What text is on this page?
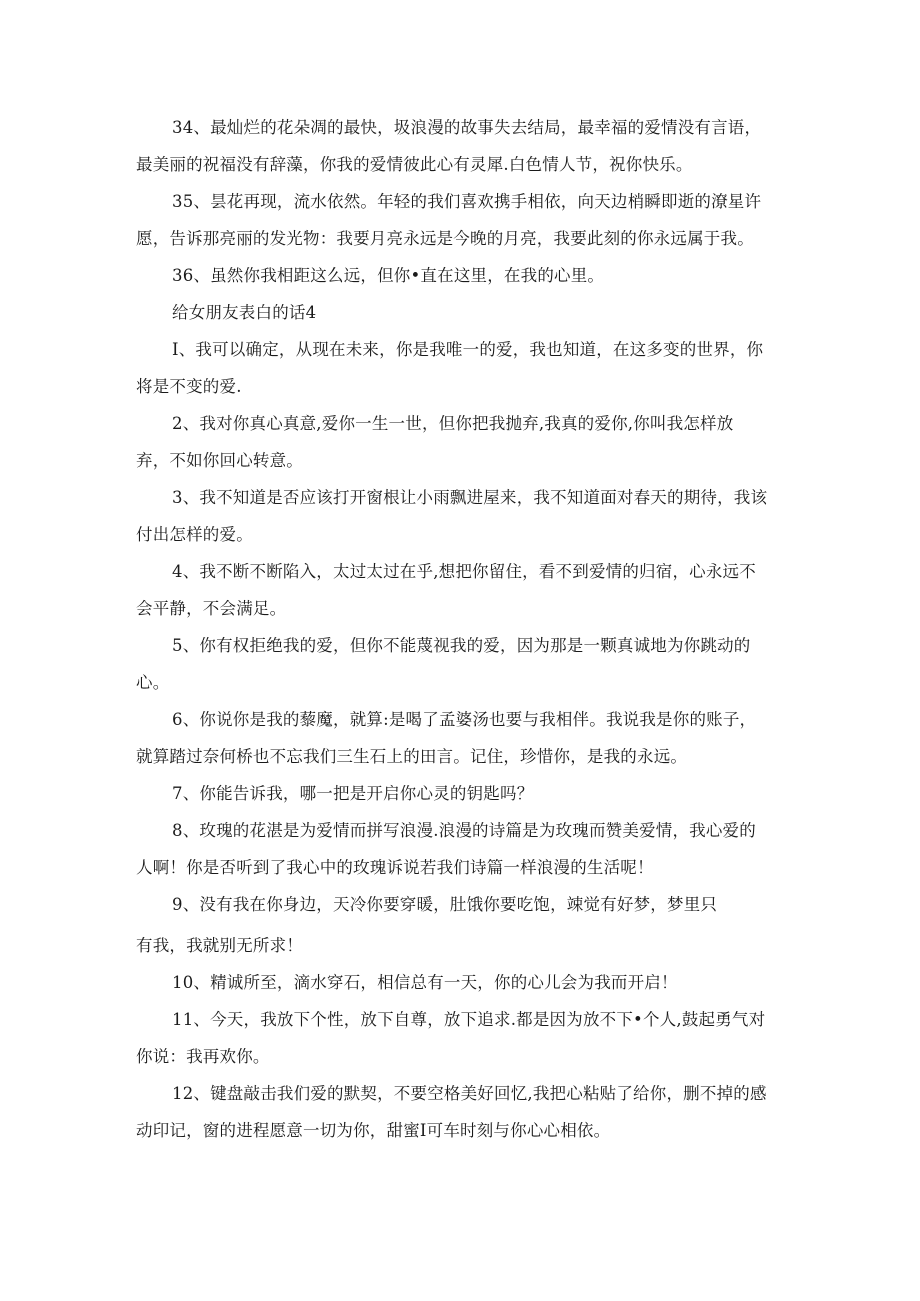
34、最灿烂的花朵凋的最快，圾浪漫的故事失去结局，最幸福的爱情没有言语，
最美丽的祝福没有辞藻，你我的爱情彼此心有灵犀.白色情人节，祝你快乐。
35、昙花再现，流水依然。年轻的我们喜欢携手相依，向天边梢瞬即逝的潦星许
愿，告诉那亮丽的发光物：我要月亮永远是今晚的月亮，我要此刻的你永远属于我。
36、虽然你我相距这么远，但你•直在这里，在我的心里。
给女朋友表白的话4
I、我可以确定，从现在未来，你是我唯一的爱，我也知道，在这多变的世界，你
将是不变的爱.
2、我对你真心真意,爱你一生一世，但你把我抛弃,我真的爱你,你叫我怎样放
弃，不如你回心转意。
3、我不知道是否应该打开窗根让小雨飘进屋来，我不知道面对春天的期待，我该
付出怎样的爱。
4、我不断不断陷入，太过太过在乎,想把你留住，看不到爱情的归宿，心永远不
会平静，不会满足。
5、你有权拒绝我的爱，但你不能蔑视我的爱，因为那是一颗真诚地为你跳动的
心。
6、你说你是我的藜魔，就算:是喝了孟婆汤也要与我相伴。我说我是你的账子，
就算踏过奈何桥也不忘我们三生石上的田言。记住，珍惜你，是我的永远。
7、你能告诉我，哪一把是开启你心灵的钥匙吗？
8、玫瑰的花湛是为爱情而拼写浪漫.浪漫的诗篇是为玫瑰而赞美爱情，我心爱的
人啊！你是否听到了我心中的玫瑰诉说若我们诗篇一样浪漫的生活呢！
9、没有我在你身边，天冷你要穿暖，肚饿你要吃饱，竦觉有好梦，梦里只
有我，我就别无所求！
10、精诚所至，滴水穿石，相信总有一天，你的心儿会为我而开启！
11、今天，我放下个性，放下自尊，放下追求.都是因为放不下•个人,鼓起勇气对
你说：我再欢你。
12、键盘敲击我们爱的默契，不要空格美好回忆,我把心粘贴了给你，删不掉的感
动印记，窗的进程愿意一切为你，甜蜜I可车时刻与你心心相依。
